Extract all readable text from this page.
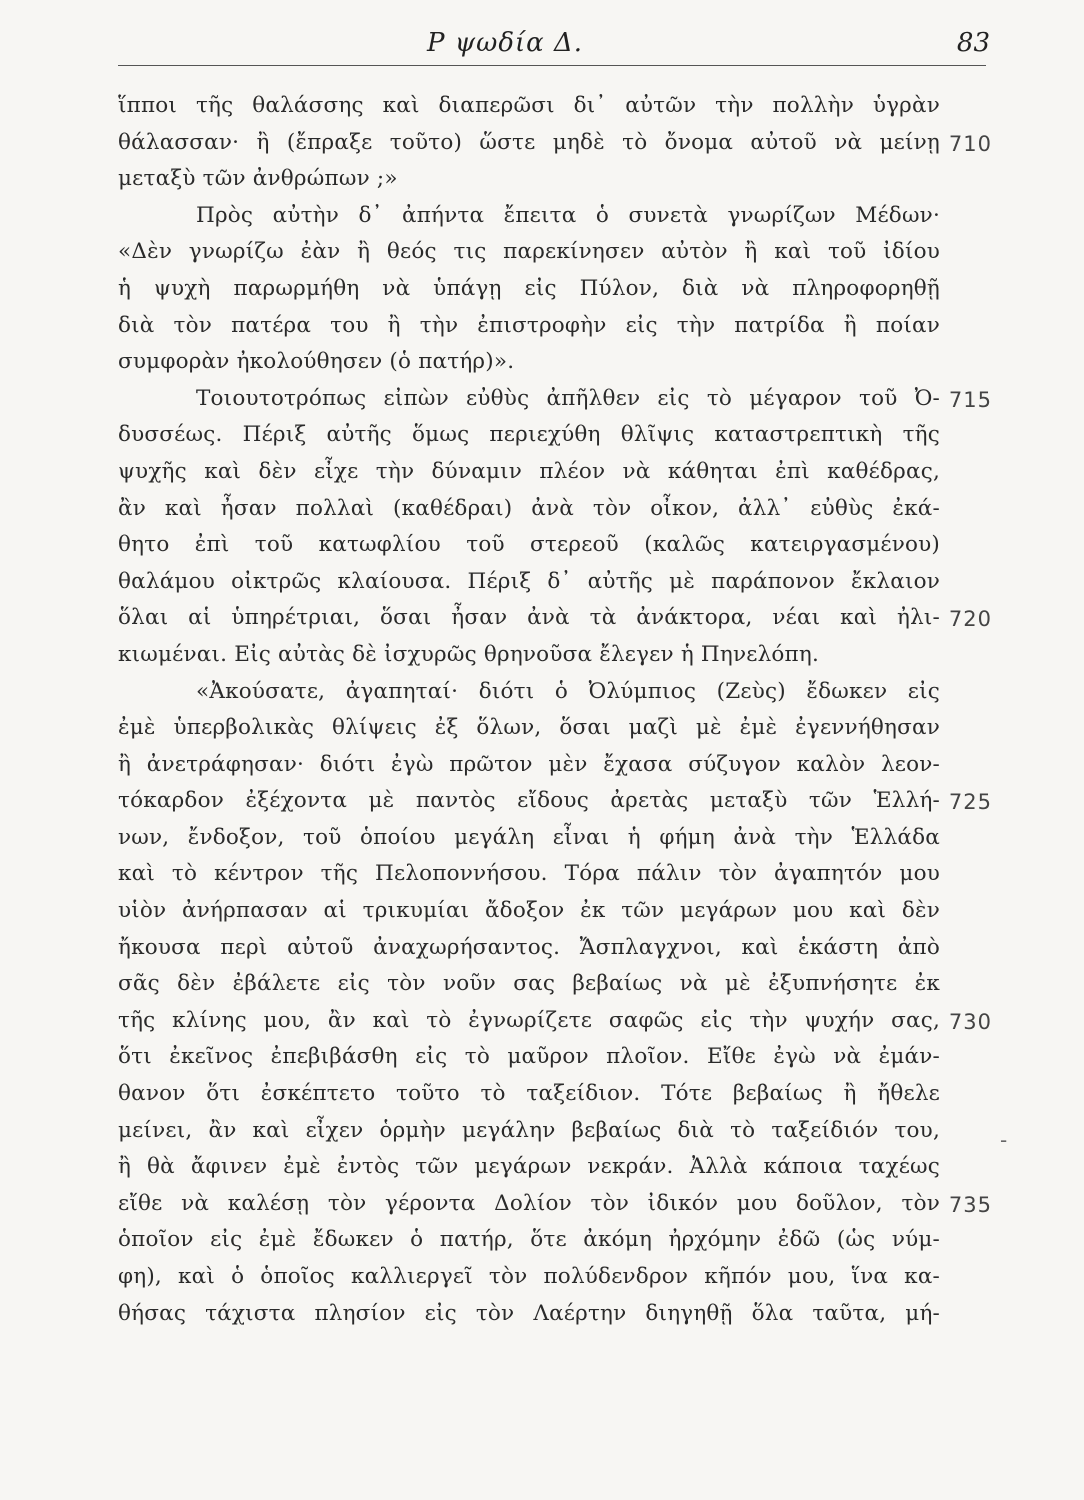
Ρ ψωδία Δ.	83
ἵπποι τῆς θαλάσσης καὶ διαπερῶσι δι᾽ αὐτῶν τὴν πολλὴν ὑγρὰν
θάλασσαν· ἢ (ἔπραξε τοῦτο) ὥστε μηδὲ τὸ ὄνομα αὐτοῦ νὰ μείνῃ
μεταξὺ τῶν ἀνθρώπων ;»
Πρὸς αὐτὴν δ᾽ ἀπήντα ἔπειτα ὁ συνετὰ γνωρίζων Μέδων·
«Δὲν γνωρίζω ἐὰν ἢ θεός τις παρεκίνησεν αὐτὸν ἢ καὶ τοῦ ἰδίου
ἡ ψυχὴ παρωρμήθη νὰ ὑπάγῃ εἰς Πύλον, διὰ νὰ πληροφορηθῇ
διὰ τὸν πατέρα του ἢ τὴν ἐπιστροφὴν εἰς τὴν πατρίδα ἢ ποίαν
συμφορὰν ἠκολούθησεν (ὁ πατήρ)».
Τοιουτοτρόπως εἰπὼν εὐθὺς ἀπῆλθεν εἰς τὸ μέγαρον τοῦ Ὀ-
δυσσέως. Πέριξ αὐτῆς ὅμως περιεχύθη θλῖψις καταστρεπτικὴ τῆς
ψυχῆς καὶ δὲν εἶχε τὴν δύναμιν πλέον νὰ κάθηται ἐπὶ καθέδρας,
ἂν καὶ ἦσαν πολλαὶ (καθέδραι) ἀνὰ τὸν οἶκον, ἀλλ᾽ εὐθὺς ἐκά-
θητο ἐπὶ τοῦ κατωφλίου τοῦ στερεοῦ (καλῶς κατειργασμένου)
θαλάμου οἰκτρῶς κλαίουσα. Πέριξ δ᾽ αὐτῆς μὲ παράπονον ἔκλαιον
ὅλαι αἱ ὑπηρέτριαι, ὅσαι ἦσαν ἀνὰ τὰ ἀνάκτορα, νέαι καὶ ἠλι-
κιωμέναι. Εἰς αὐτὰς δὲ ἰσχυρῶς θρηνοῦσα ἔλεγεν ἡ Πηνελόπη.
«Ἀκούσατε, ἀγαπηταί· διότι ὁ Ὀλύμπιος (Ζεὺς) ἔδωκεν εἰς
ἐμὲ ὑπερβολικὰς θλίψεις ἐξ ὅλων, ὅσαι μαζὶ μὲ ἐμὲ ἐγεννήθησαν
ἢ ἀνετράφησαν· διότι ἐγὼ πρῶτον μὲν ἔχασα σύζυγον καλὸν λεον-
τόκαρδον ἐξέχοντα μὲ παντὸς εἴδους ἀρετὰς μεταξὺ τῶν Ἑλλή-
νων, ἔνδοξον, τοῦ ὁποίου μεγάλη εἶναι ἡ φήμη ἀνὰ τὴν Ἑλλάδα
καὶ τὸ κέντρον τῆς Πελοποννήσου. Τόρα πάλιν τὸν ἀγαπητόν μου
υἱὸν ἀνήρπασαν αἱ τρικυμίαι ἄδοξον ἐκ τῶν μεγάρων μου καὶ δὲν
ἤκουσα περὶ αὐτοῦ ἀναχωρήσαντος. Ἄσπλαγχνοι, καὶ ἑκάστη ἀπὸ
σᾶς δὲν ἐβάλετε εἰς τὸν νοῦν σας βεβαίως νὰ μὲ ἐξυπνήσητε ἐκ
τῆς κλίνης μου, ἂν καὶ τὸ ἐγνωρίζετε σαφῶς εἰς τὴν ψυχήν σας,
ὅτι ἐκεῖνος ἐπεβιβάσθη εἰς τὸ μαῦρον πλοῖον. Εἴθε ἐγὼ νὰ ἐμάν-
θανον ὅτι ἐσκέπτετο τοῦτο τὸ ταξείδιον. Τότε βεβαίως ἢ ἤθελε
μείνει, ἂν καὶ εἶχεν ὁρμὴν μεγάλην βεβαίως διὰ τὸ ταξείδιόν του,
ἢ θὰ ἄφινεν ἐμὲ ἐντὸς τῶν μεγάρων νεκράν. Ἀλλὰ κάποια ταχέως
εἴθε νὰ καλέσῃ τὸν γέροντα Δολίον τὸν ἰδικόν μου δοῦλον, τὸν
ὁποῖον εἰς ἐμὲ ἔδωκεν ὁ πατήρ, ὅτε ἀκόμη ἠρχόμην ἐδῶ (ὡς νύμ-
φη), καὶ ὁ ὁποῖος καλλιεργεῖ τὸν πολύδενδρον κῆπόν μου, ἵνα κα-
θήσας τάχιστα πλησίον εἰς τὸν Λαέρτην διηγηθῇ ὅλα ταῦτα, μή-
710
715
720
725
730
735
-
